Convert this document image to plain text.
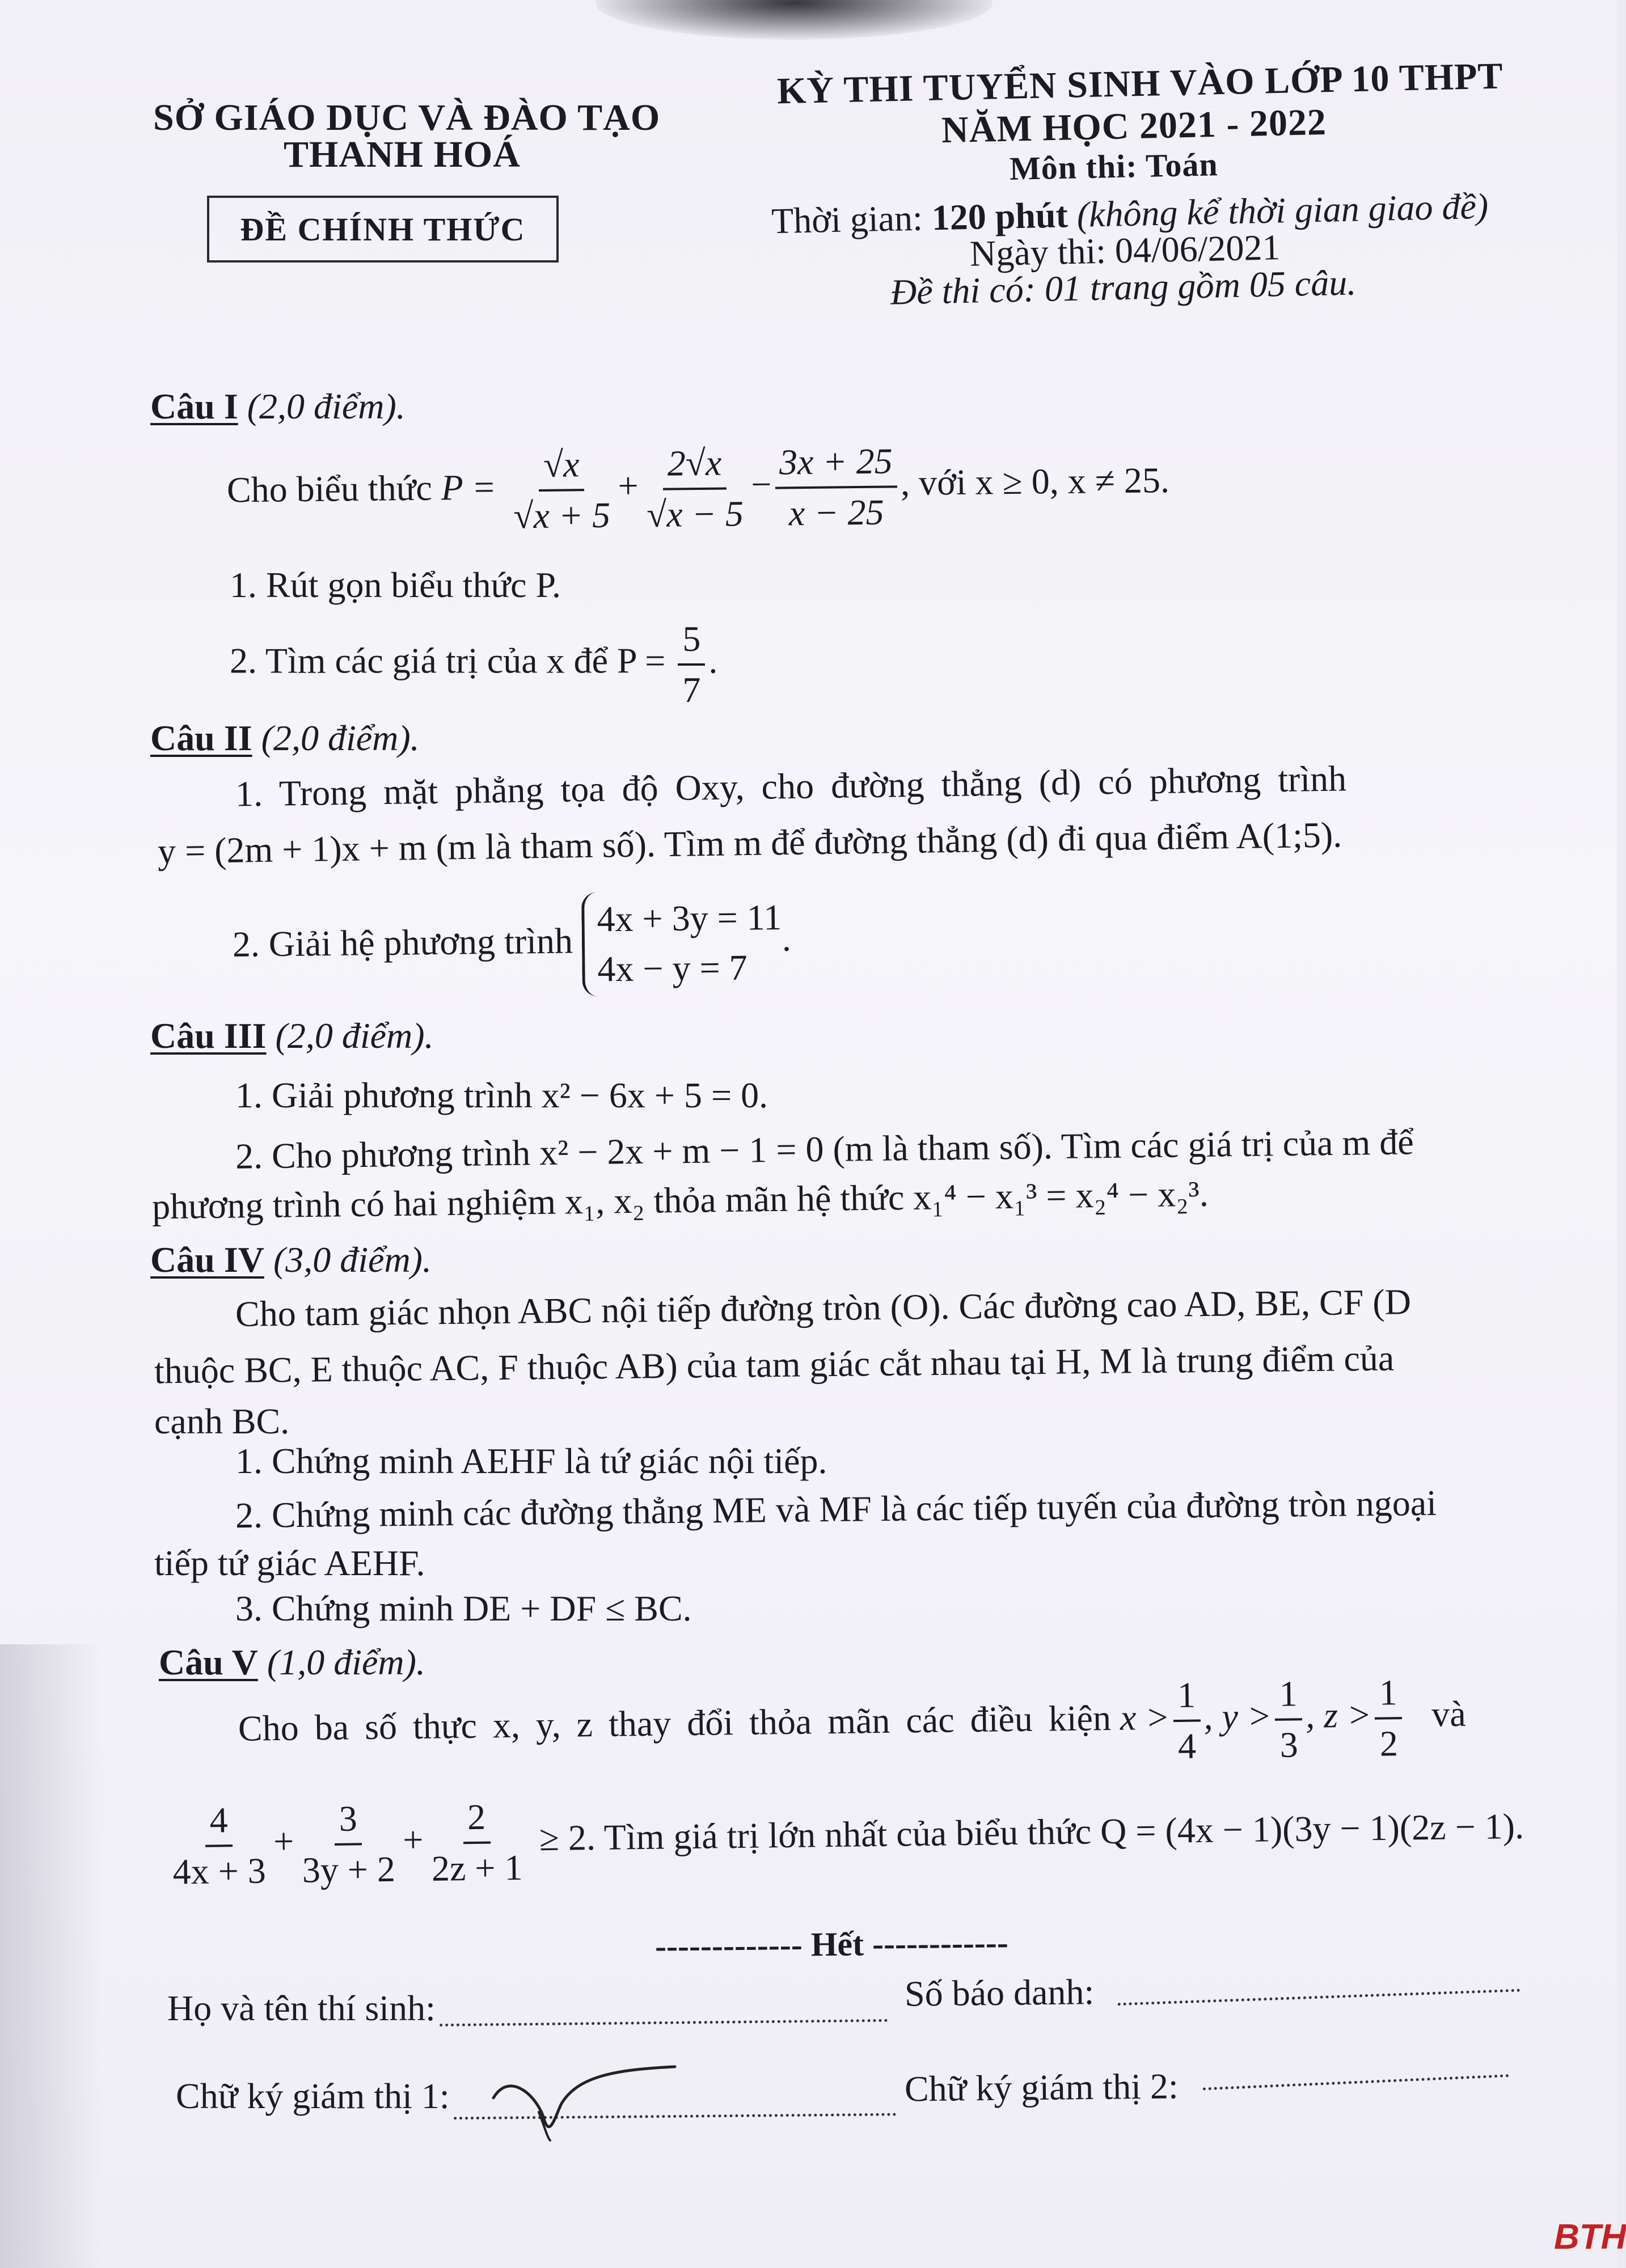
SỞ GIÁO DỤC VÀ ĐÀO TẠO
THANH HOÁ
ĐỀ CHÍNH THỨC
KỲ THI TUYỂN SINH VÀO LỚP 10 THPT
NĂM HỌC 2021 - 2022
Môn thi: Toán
Thời gian: 120 phút (không kể thời gian giao đề)
Ngày thi: 04/06/2021
Đề thi có: 01 trang gồm 05 câu.
Câu I (2,0 điểm).
Cho biểu thức $P = \frac{√x}{√x + 5} + \frac{2√x}{√x - 5} - \frac{3x + 25}{x - 25}$ , với x ≥ 0, x ≠ 25.
1. Rút gọn biểu thức P.
2. Tìm các giá trị của x để $P = \frac{5}{7}$ .
Câu II (2,0 điểm).
1. Trong mặt phẳng tọa độ Oxy, cho đường thẳng (d) có phương trình
y = (2m + 1)x + m (m là tham số). Tìm m để đường thẳng (d) đi qua điểm A(1;5).
2. Giải hệ phương trình 4x + 3y = 11
4x − y = 7.
Câu III (2,0 điểm).
1. Giải phương trình x² − 6x + 5 = 0.
2. Cho phương trình x² − 2x + m − 1 = 0 (m là tham số). Tìm các giá trị của m để
phương trình có hai nghiệm x₁, x₂ thỏa mãn hệ thức x₁⁴ − x₁³ = x₂⁴ − x₂³.
Câu IV (3,0 điểm).
Cho tam giác nhọn ABC nội tiếp đường tròn (O). Các đường cao AD, BE, CF (D
thuộc BC, E thuộc AC, F thuộc AB) của tam giác cắt nhau tại H, M là trung điểm của
cạnh BC.
1. Chứng minh AEHF là tứ giác nội tiếp.
2. Chứng minh các đường thẳng ME và MF là các tiếp tuyến của đường tròn ngoại
tiếp tứ giác AEHF.
3. Chứng minh DE + DF ≤ BC.
Câu V (1,0 điểm).
Cho ba số thực x, y, z thay đổi thỏa mãn các điều kiện $x > \frac{1}{4}$ , $y > \frac{1}{3}$ , $z > \frac{1}{2}$ và
$\frac{4}{4x + 3} + \frac{3}{3y + 2} + \frac{2}{2z + 1} \ge 2$. Tìm giá trị lớn nhất của biểu thức Q = (4x − 1)(3y − 1)(2z − 1).
------------- Hết ------------
Họ và tên thí sinh:	Số báo danh:
Chữ ký giám thị 1:	Chữ ký giám thị 2:
BTH
